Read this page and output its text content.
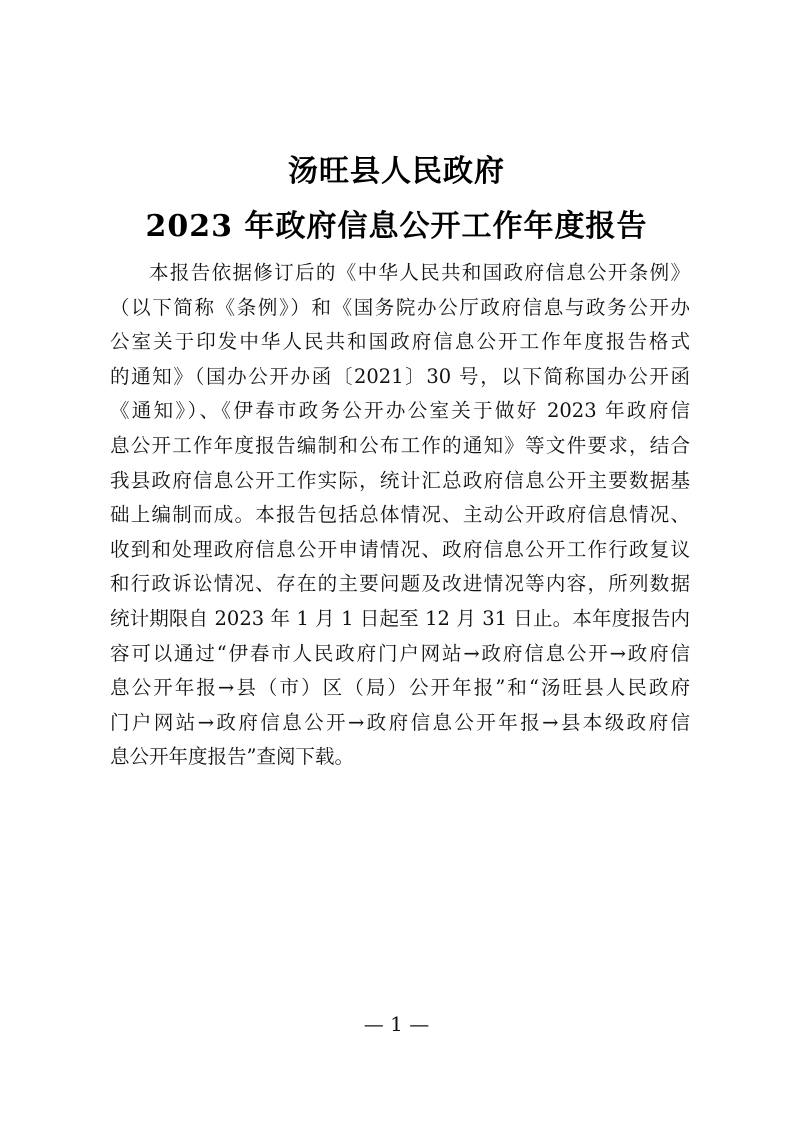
汤旺县人民政府
2023 年政府信息公开工作年度报告
本报告依据修订后的《中华人民共和国政府信息公开条例》
（以下简称《条例》）和《国务院办公厅政府信息与政务公开办
公室关于印发中华人民共和国政府信息公开工作年度报告格式
的通知》（国办公开办函〔2021〕30 号，以下简称国办公开函
《通知》）、《伊春市政务公开办公室关于做好 2023 年政府信
息公开工作年度报告编制和公布工作的通知》等文件要求，结合
我县政府信息公开工作实际，统计汇总政府信息公开主要数据基
础上编制而成。本报告包括总体情况、主动公开政府信息情况、
收到和处理政府信息公开申请情况、政府信息公开工作行政复议
和行政诉讼情况、存在的主要问题及改进情况等内容，所列数据
统计期限自 2023 年 1 月 1 日起至 12 月 31 日止。本年度报告内
容可以通过“伊春市人民政府门户网站→政府信息公开→政府信
息公开年报→县（市）区（局）公开年报”和“汤旺县人民政府
门户网站→政府信息公开→政府信息公开年报→县本级政府信
息公开年度报告”查阅下载。
— 1 —
